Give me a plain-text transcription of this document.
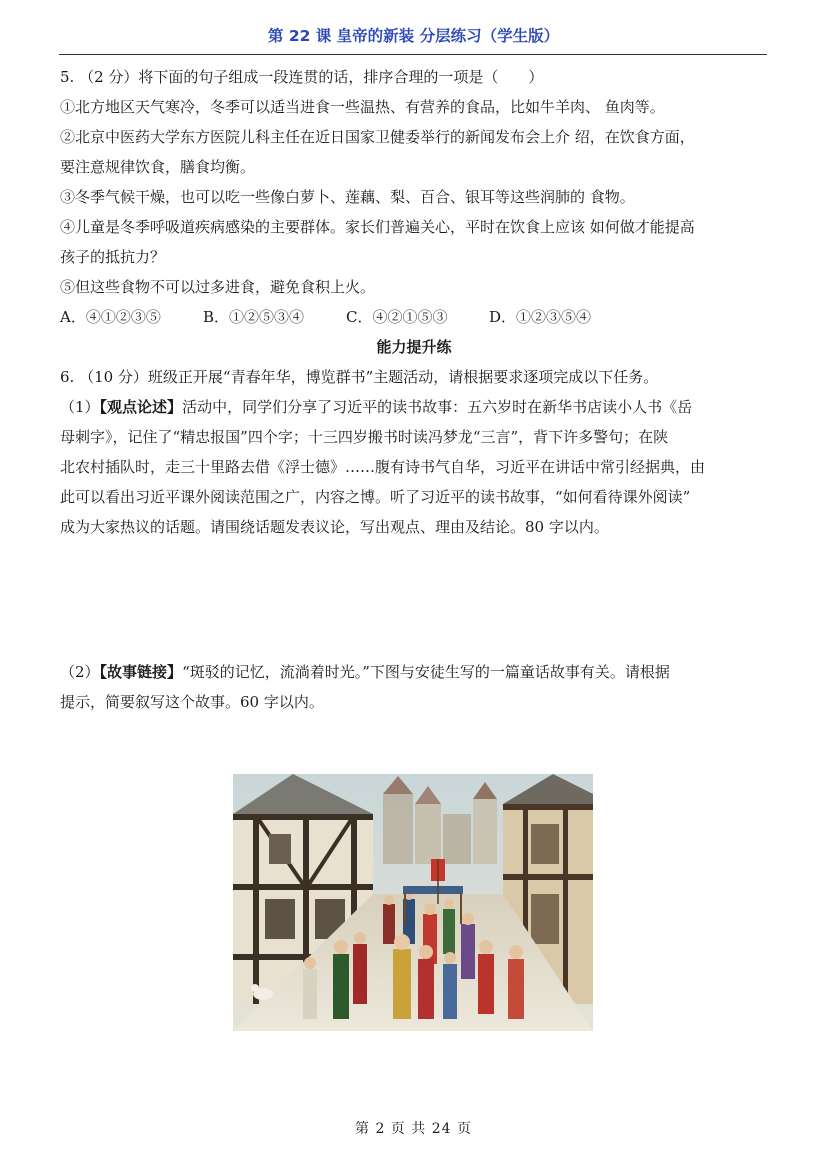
第 22 课 皇帝的新装 分层练习（学生版）
5. （2 分）将下面的句子组成一段连贯的话，排序合理的一项是（　　）
①北方地区天气寒冷，冬季可以适当进食一些温热、有营养的食品，比如牛羊肉、 鱼肉等。
②北京中医药大学东方医院儿科主任在近日国家卫健委举行的新闻发布会上介 绍，在饮食方面，
要注意规律饮食，膳食均衡。
③冬季气候干燥，也可以吃一些像白萝卜、莲藕、梨、百合、银耳等这些润肺的 食物。
④儿童是冬季呼吸道疾病感染的主要群体。家长们普遍关心，平时在饮食上应该 如何做才能提高
孩子的抵抗力？
⑤但这些食物不可以过多进食，避免食积上火。
A．④①②③⑤	B．①②⑤③④	C．④②①⑤③	D．①②③⑤④
能力提升练
6. （10 分）班级正开展“青春年华，博览群书”主题活动，请根据要求逐项完成以下任务。
（1）【观点论述】活动中，同学们分享了习近平的读书故事：五六岁时在新华书店读小人书《岳
母刺字》，记住了“精忠报国”四个字；十三四岁搬书时读冯梦龙“三言”，背下许多警句；在陕
北农村插队时，走三十里路去借《浮士德》……腹有诗书气自华，习近平在讲话中常引经据典，由
此可以看出习近平课外阅读范围之广，内容之博。听了习近平的读书故事，“如何看待课外阅读”
成为大家热议的话题。请围绕话题发表议论，写出观点、理由及结论。80 字以内。
（2）【故事链接】“斑驳的记忆，流淌着时光。”下图与安徒生写的一篇童话故事有关。请根据
提示，简要叙写这个故事。60 字以内。
第 2 页 共 24 页
